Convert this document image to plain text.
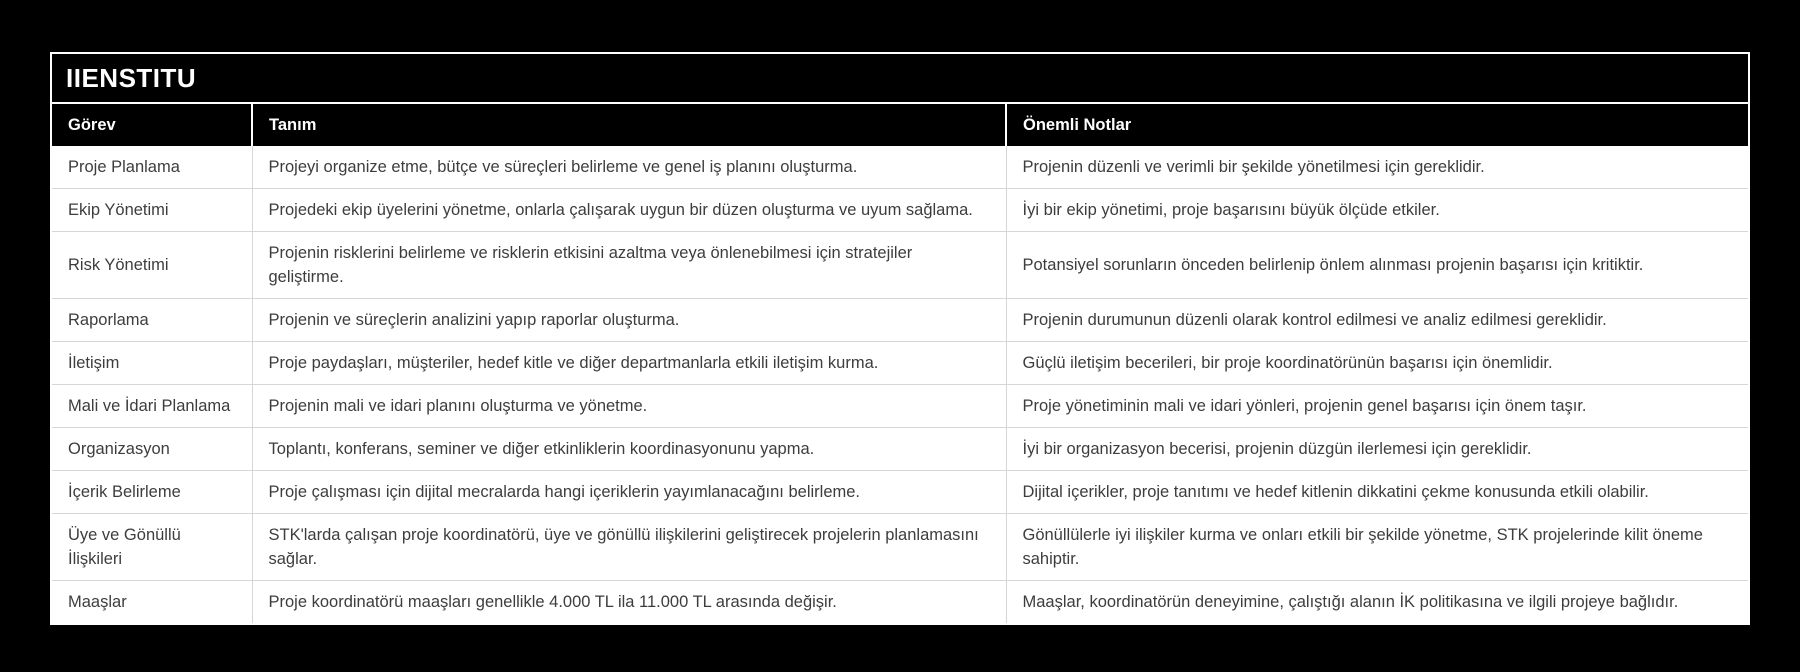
IIENSTITU
Görev	Tanım	Önemli Notlar
Proje Planlama	Projeyi organize etme, bütçe ve süreçleri belirleme ve genel iş planını oluşturma.	Projenin düzenli ve verimli bir şekilde yönetilmesi için gereklidir.
Ekip Yönetimi	Projedeki ekip üyelerini yönetme, onlarla çalışarak uygun bir düzen oluşturma ve uyum sağlama.	İyi bir ekip yönetimi, proje başarısını büyük ölçüde etkiler.
Risk Yönetimi	Projenin risklerini belirleme ve risklerin etkisini azaltma veya önlenebilmesi için stratejiler geliştirme.	Potansiyel sorunların önceden belirlenip önlem alınması projenin başarısı için kritiktir.
Raporlama	Projenin ve süreçlerin analizini yapıp raporlar oluşturma.	Projenin durumunun düzenli olarak kontrol edilmesi ve analiz edilmesi gereklidir.
İletişim	Proje paydaşları, müşteriler, hedef kitle ve diğer departmanlarla etkili iletişim kurma.	Güçlü iletişim becerileri, bir proje koordinatörünün başarısı için önemlidir.
Mali ve İdari Planlama	Projenin mali ve idari planını oluşturma ve yönetme.	Proje yönetiminin mali ve idari yönleri, projenin genel başarısı için önem taşır.
Organizasyon	Toplantı, konferans, seminer ve diğer etkinliklerin koordinasyonunu yapma.	İyi bir organizasyon becerisi, projenin düzgün ilerlemesi için gereklidir.
İçerik Belirleme	Proje çalışması için dijital mecralarda hangi içeriklerin yayımlanacağını belirleme.	Dijital içerikler, proje tanıtımı ve hedef kitlenin dikkatini çekme konusunda etkili olabilir.
Üye ve Gönüllü İlişkileri	STK'larda çalışan proje koordinatörü, üye ve gönüllü ilişkilerini geliştirecek projelerin planlamasını sağlar.	Gönüllülerle iyi ilişkiler kurma ve onları etkili bir şekilde yönetme, STK projelerinde kilit öneme sahiptir.
Maaşlar	Proje koordinatörü maaşları genellikle 4.000 TL ila 11.000 TL arasında değişir.	Maaşlar, koordinatörün deneyimine, çalıştığı alanın İK politikasına ve ilgili projeye bağlıdır.
